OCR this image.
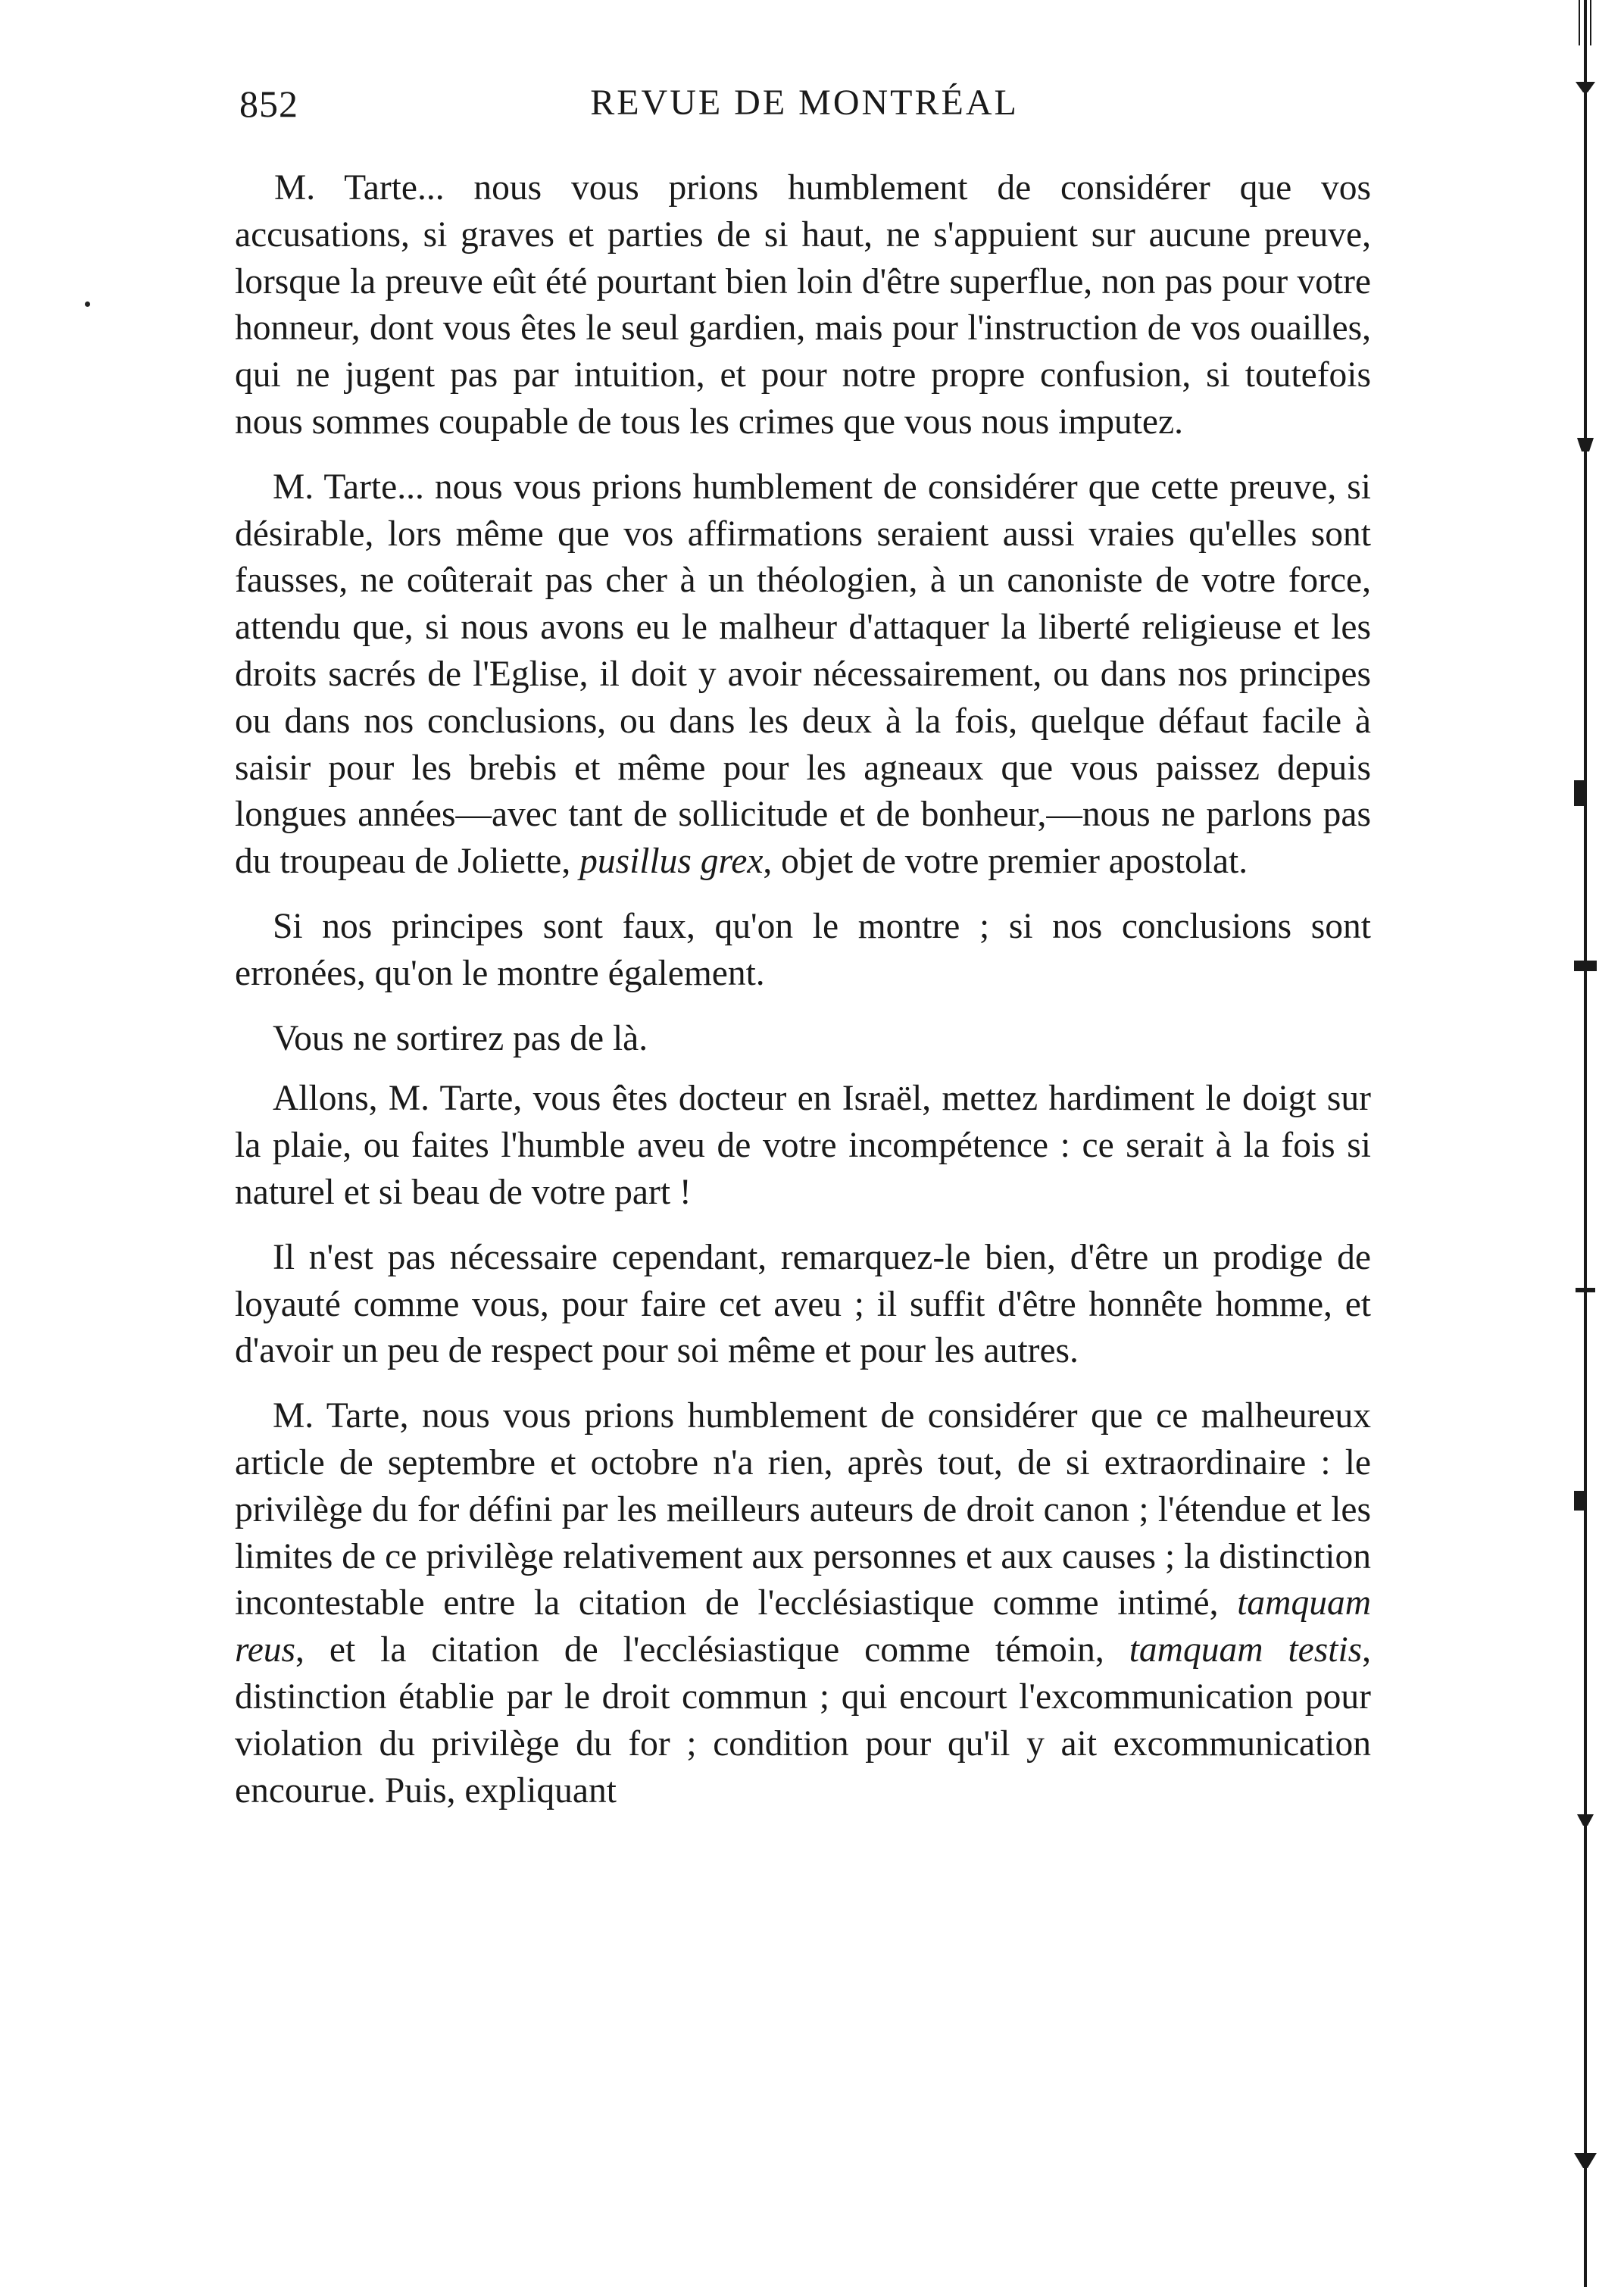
852	REVUE DE MONTRÉAL

M. Tarte... nous vous prions humblement de considérer que vos accusations, si graves et parties de si haut, ne s'appuient sur aucune preuve, lorsque la preuve eût été pourtant bien loin d'être superflue, non pas pour votre honneur, dont vous êtes le seul gardien, mais pour l'instruction de vos ouailles, qui ne jugent pas par intuition, et pour notre propre confusion, si toutefois nous sommes coupable de tous les crimes que vous nous imputez.

M. Tarte... nous vous prions humblement de considérer que cette preuve, si désirable, lors même que vos affirmations seraient aussi vraies qu'elles sont fausses, ne coûterait pas cher à un théologien, à un canoniste de votre force, attendu que, si nous avons eu le malheur d'attaquer la liberté religieuse et les droits sacrés de l'Eglise, il doit y avoir nécessairement, ou dans nos principes ou dans nos conclusions, ou dans les deux à la fois, quelque défaut facile à saisir pour les brebis et même pour les agneaux que vous paissez depuis longues années—avec tant de sollicitude et de bonheur,—nous ne parlons pas du troupeau de Joliette, pusillus grex, objet de votre premier apostolat.

Si nos principes sont faux, qu'on le montre ; si nos conclusions sont erronées, qu'on le montre également.

Vous ne sortirez pas de là.

Allons, M. Tarte, vous êtes docteur en Israël, mettez hardiment le doigt sur la plaie, ou faites l'humble aveu de votre incompétence : ce serait à la fois si naturel et si beau de votre part !

Il n'est pas nécessaire cependant, remarquez-le bien, d'être un prodige de loyauté comme vous, pour faire cet aveu ; il suffit d'être honnête homme, et d'avoir un peu de respect pour soi même et pour les autres.

M. Tarte, nous vous prions humblement de considérer que ce malheureux article de septembre et octobre n'a rien, après tout, de si extraordinaire : le privilège du for défini par les meilleurs auteurs de droit canon ; l'étendue et les limites de ce privilège relativement aux personnes et aux causes ; la distinction incontestable entre la citation de l'ecclésiastique comme intimé, tamquam reus, et la citation de l'ecclésiastique comme témoin, tamquam testis, distinction établie par le droit commun ; qui encourt l'excommunication pour violation du privilège du for ; condition pour qu'il y ait excommunication encourue. Puis, expliquant
